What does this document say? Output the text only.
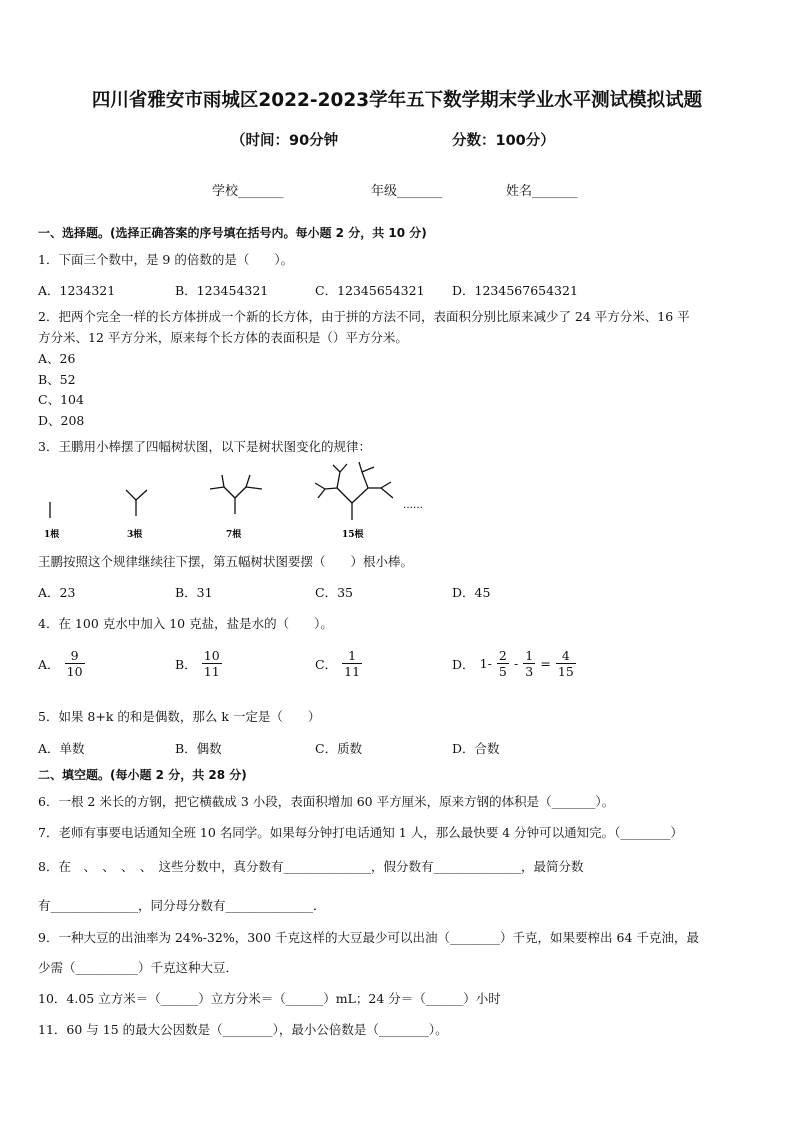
四川省雅安市雨城区2022-2023学年五下数学期末学业水平测试模拟试题
（时间：90分钟	分数：100分）
学校_______	年级_______	姓名_______
一、选择题。(选择正确答案的序号填在括号内。每小题 2 分，共 10 分)
1．下面三个数中，是 9 的倍数的是（　　）。
A．1234321	B．123454321	C．12345654321 D．1234567654321
2．把两个完全一样的长方体拼成一个新的长方体，由于拼的方法不同，表面积分别比原来减少了 24 平方分米、16 平
方分米、12 平方分米，原来每个长方体的表面积是（）平方分米。
A、26
B、52
C、104
D、208
3．王鹏用小棒摆了四幅树状图，以下是树状图变化的规律：
1根	3根	7根	15根
……
王鹏按照这个规律继续往下摆，第五幅树状图要摆（　　）根小棒。
A．23	B．31	C．35	D．45
4．在 100 克水中加入 10 克盐，盐是水的（　　）。
A． $\frac{9}{10}$	B． $\frac{10}{11}$	C． $\frac{1}{11}$	D． $1- \frac{2}{5} - \frac{1}{3} = \frac{4}{15}$
5．如果 8+k 的和是偶数，那么 k 一定是（　　）
A．单数	B．偶数	C．质数	D．合数
二、填空题。(每小题 2 分，共 28 分)
6．一根 2 米长的方钢，把它横截成 3 小段，表面积增加 60 平方厘米，原来方钢的体积是（_______）。
7．老师有事要电话通知全班 10 名同学。如果每分钟打电话通知 1 人，那么最快要 4 分钟可以通知完。（________）
8．在　、　、　、　、　这些分数中，真分数有______________，假分数有______________，最简分数
有______________，同分母分数有______________．
9．一种大豆的出油率为 24%-32%，300 千克这样的大豆最少可以出油（________）千克，如果要榨出 64 千克油，最
少需（__________）千克这种大豆．
10．4.05 立方米＝（______）立方分米＝（______）mL；24 分＝（______）小时
11．60 与 15 的最大公因数是（________），最小公倍数是（________）。
